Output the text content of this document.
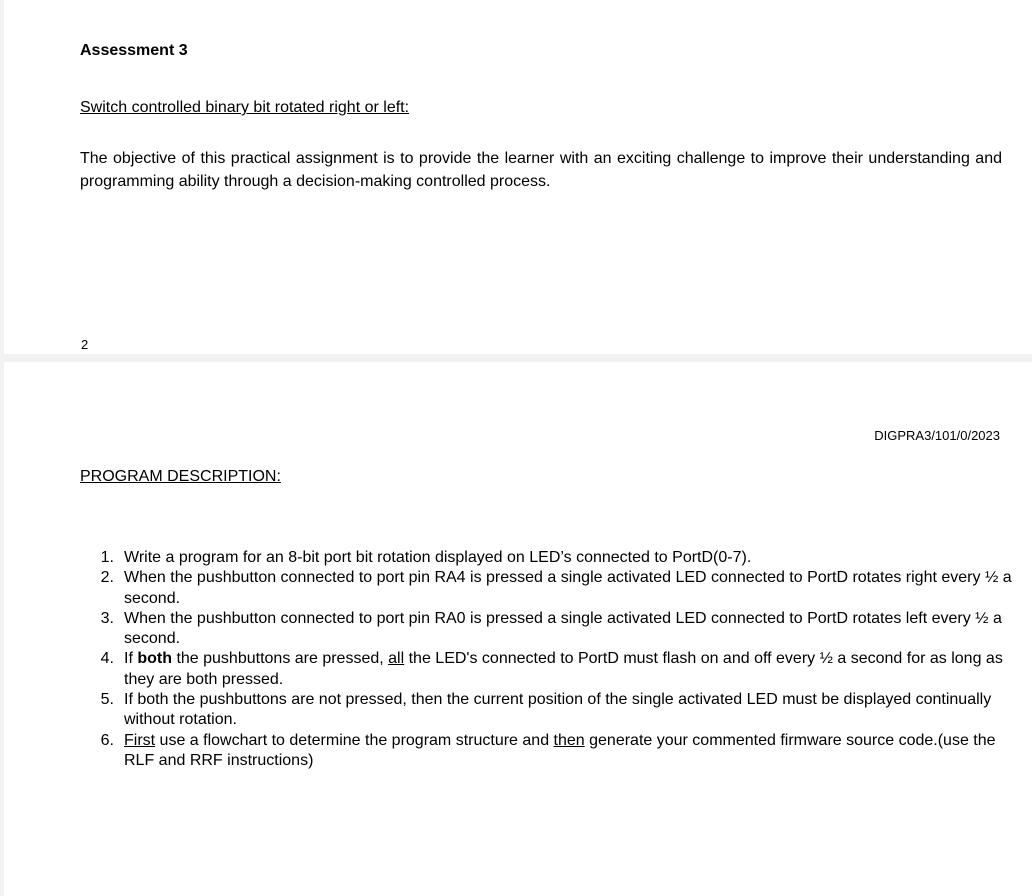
Assessment 3

Switch controlled binary bit rotated right or left:

The objective of this practical assignment is to provide the learner with an exciting challenge to improve their understanding and programming ability through a decision-making controlled process.

2

DIGPRA3/101/0/2023

PROGRAM DESCRIPTION:

1. Write a program for an 8-bit port bit rotation displayed on LED’s connected to PortD(0-7).
2. When the pushbutton connected to port pin RA4 is pressed a single activated LED connected to PortD rotates right every ½ a second.
3. When the pushbutton connected to port pin RA0 is pressed a single activated LED connected to PortD rotates left every ½ a second.
4. If both the pushbuttons are pressed, all the LED's connected to PortD must flash on and off every ½ a second for as long as they are both pressed.
5. If both the pushbuttons are not pressed, then the current position of the single activated LED must be displayed continually without rotation.
6. First use a flowchart to determine the program structure and then generate your commented firmware source code.(use the RLF and RRF instructions)
